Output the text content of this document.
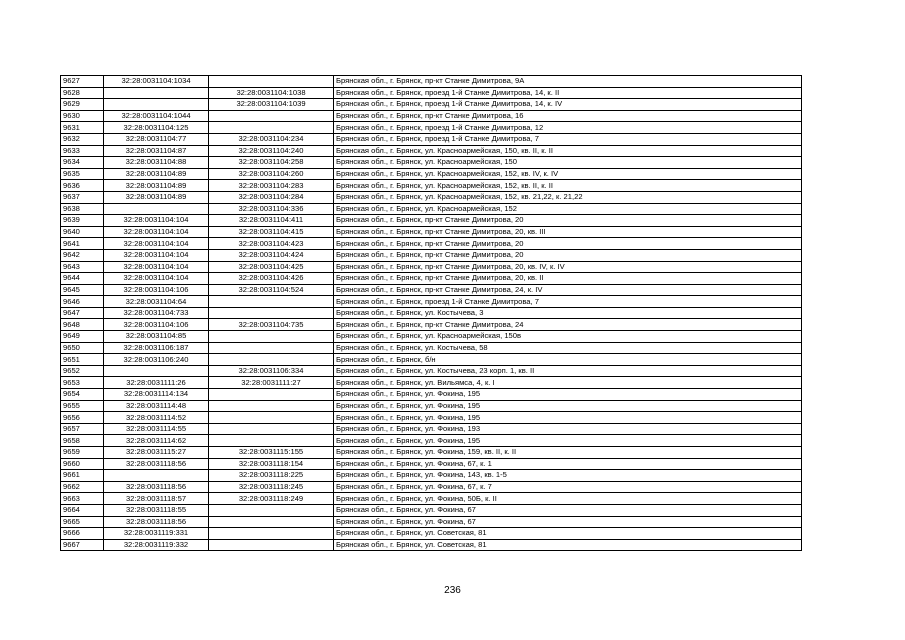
9627	32:28:0031104:1034		Брянская обл., г. Брянск, пр-кт Станке Димитрова, 9А
9628		32:28:0031104:1038	Брянская обл., г. Брянск, проезд 1-й Станке Димитрова, 14, к. II
9629		32:28:0031104:1039	Брянская обл., г. Брянск, проезд 1-й Станке Димитрова, 14, к. IV
9630	32:28:0031104:1044		Брянская обл., г. Брянск, пр-кт Станке Димитрова, 16
9631	32:28:0031104:125		Брянская обл., г. Брянск, проезд 1-й Станке Димитрова, 12
9632	32:28:0031104:77	32:28:0031104:234	Брянская обл., г. Брянск, проезд 1-й Станке Димитрова, 7
9633	32:28:0031104:87	32:28:0031104:240	Брянская обл., г. Брянск, ул. Красноармейская, 150, кв. II, к. II
9634	32:28:0031104:88	32:28:0031104:258	Брянская обл., г. Брянск, ул. Красноармейская, 150
9635	32:28:0031104:89	32:28:0031104:260	Брянская обл., г. Брянск, ул. Красноармейская, 152, кв. IV, к. IV
9636	32:28:0031104:89	32:28:0031104:283	Брянская обл., г. Брянск, ул. Красноармейская, 152, кв. II, к. II
9637	32:28:0031104:89	32:28:0031104:284	Брянская обл., г. Брянск, ул. Красноармейская, 152, кв. 21,22, к. 21,22
9638		32:28:0031104:336	Брянская обл., г. Брянск, ул. Красноармейская, 152
9639	32:28:0031104:104	32:28:0031104:411	Брянская обл., г. Брянск, пр-кт Станке Димитрова, 20
9640	32:28:0031104:104	32:28:0031104:415	Брянская обл., г. Брянск, пр-кт Станке Димитрова, 20, кв. III
9641	32:28:0031104:104	32:28:0031104:423	Брянская обл., г. Брянск, пр-кт Станке Димитрова, 20
9642	32:28:0031104:104	32:28:0031104:424	Брянская обл., г. Брянск, пр-кт Станке Димитрова, 20
9643	32:28:0031104:104	32:28:0031104:425	Брянская обл., г. Брянск, пр-кт Станке Димитрова, 20, кв. IV, к. IV
9644	32:28:0031104:104	32:28:0031104:426	Брянская обл., г. Брянск, пр-кт Станке Димитрова, 20, кв. II
9645	32:28:0031104:106	32:28:0031104:524	Брянская обл., г. Брянск, пр-кт Станке Димитрова, 24, к. IV
9646	32:28:0031104:64		Брянская обл., г. Брянск, проезд 1-й Станке Димитрова, 7
9647	32:28:0031104:733		Брянская обл., г. Брянск, ул. Костычева, 3
9648	32:28:0031104:106	32:28:0031104:735	Брянская обл., г. Брянск, пр-кт Станке Димитрова, 24
9649	32:28:0031104:85		Брянская обл., г. Брянск, ул. Красноармейская, 150в
9650	32:28:0031106:187		Брянская обл., г. Брянск, ул. Костычева, 58
9651	32:28:0031106:240		Брянская обл., г. Брянск, б/н
9652		32:28:0031106:334	Брянская обл., г. Брянск, ул. Костычева, 23 корп. 1, кв. II
9653	32:28:0031111:26	32:28:0031111:27	Брянская обл., г. Брянск, ул. Вильямса, 4, к. I
9654	32:28:0031114:134		Брянская обл., г. Брянск, ул. Фокина, 195
9655	32:28:0031114:48		Брянская обл., г. Брянск, ул. Фокина, 195
9656	32:28:0031114:52		Брянская обл., г. Брянск, ул. Фокина, 195
9657	32:28:0031114:55		Брянская обл., г. Брянск, ул. Фокина, 193
9658	32:28:0031114:62		Брянская обл., г. Брянск, ул. Фокина, 195
9659	32:28:0031115:27	32:28:0031115:155	Брянская обл., г. Брянск, ул. Фокина, 159, кв. II, к. II
9660	32:28:0031118:56	32:28:0031118:154	Брянская обл., г. Брянск, ул. Фокина, 67, к. 1
9661		32:28:0031118:225	Брянская обл., г. Брянск, ул. Фокина, 143, кв. 1-5
9662	32:28:0031118:56	32:28:0031118:245	Брянская обл., г. Брянск, ул. Фокина, 67, к. 7
9663	32:28:0031118:57	32:28:0031118:249	Брянская обл., г. Брянск, ул. Фокина, 50Б, к. II
9664	32:28:0031118:55		Брянская обл., г. Брянск, ул. Фокина, 67
9665	32:28:0031118:56		Брянская обл., г. Брянск, ул. Фокина, 67
9666	32:28:0031119:331		Брянская обл., г. Брянск, ул. Советская, 81
9667	32:28:0031119:332		Брянская обл., г. Брянск, ул. Советская, 81
236
